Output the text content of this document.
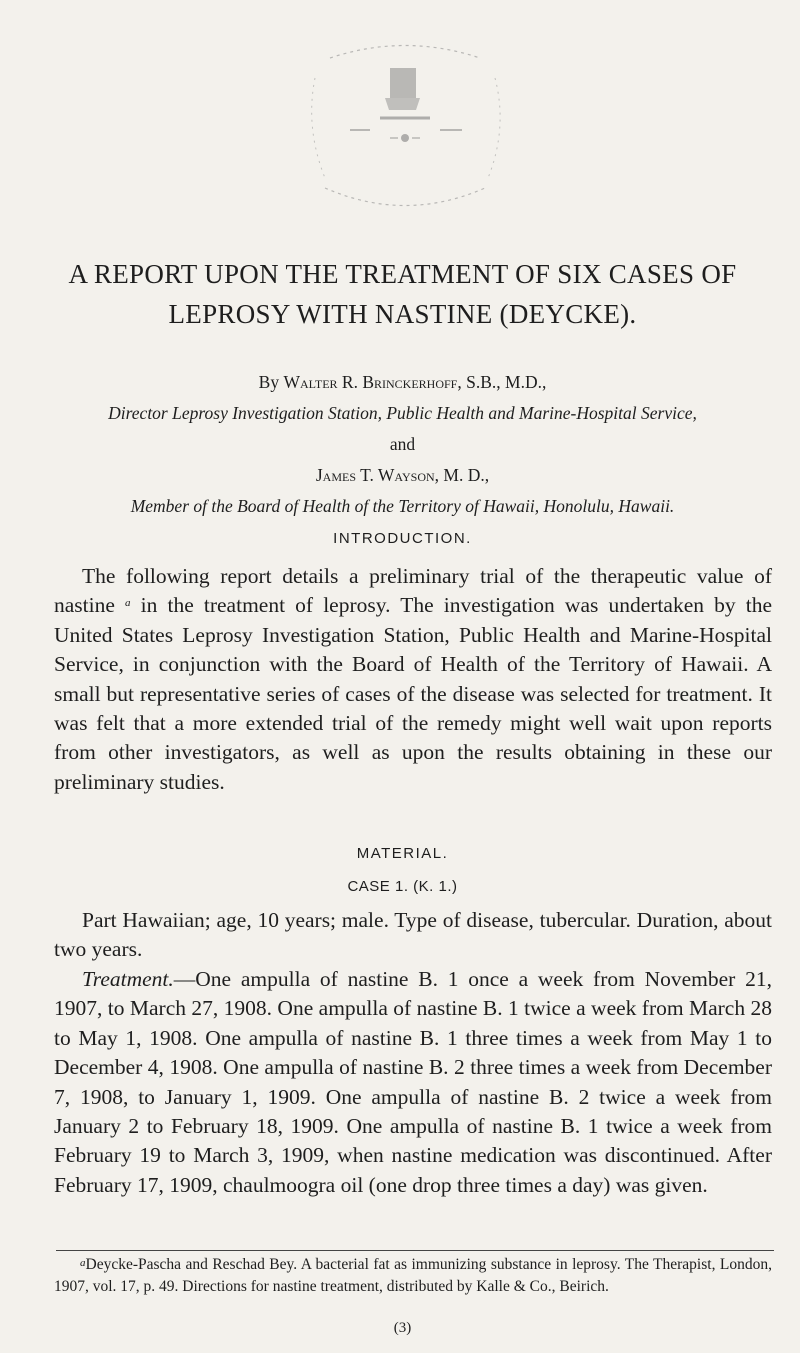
A REPORT UPON THE TREATMENT OF SIX CASES OF LEPROSY WITH NASTINE (DEYCKE).
By Walter R. Brinckerhoff, S.B., M.D.,
Director Leprosy Investigation Station, Public Health and Marine-Hospital Service,
and
James T. Wayson, M. D.,
Member of the Board of Health of the Territory of Hawaii, Honolulu, Hawaii.
INTRODUCTION.

The following report details a preliminary trial of the therapeutic value of nastine $^a$ in the treatment of leprosy. The investigation was undertaken by the United States Leprosy Investigation Station, Public Health and Marine-Hospital Service, in conjunction with the Board of Health of the Territory of Hawaii. A small but representative series of cases of the disease was selected for treatment. It was felt that a more extended trial of the remedy might well wait upon reports from other investigators, as well as upon the results obtaining in these our preliminary studies.

MATERIAL.
CASE 1. (K. 1.)

Part Hawaiian; age, 10 years; male. Type of disease, tubercular. Duration, about two years.

Treatment.—One ampulla of nastine B. 1 once a week from November 21, 1907, to March 27, 1908. One ampulla of nastine B. 1 twice a week from March 28 to May 1, 1908. One ampulla of nastine B. 1 three times a week from May 1 to December 4, 1908. One ampulla of nastine B. 2 three times a week from December 7, 1908, to January 1, 1909. One ampulla of nastine B. 2 twice a week from January 2 to February 18, 1909. One ampulla of nastine B. 1 twice a week from February 19 to March 3, 1909, when nastine medication was discontinued. After February 17, 1909, chaulmoogra oil (one drop three times a day) was given.

$^a$Deycke-Pascha and Reschad Bey. A bacterial fat as immunizing substance in leprosy. The Therapist, London, 1907, vol. 17, p. 49. Directions for nastine treatment, distributed by Kalle & Co., Beirich.

(3)
